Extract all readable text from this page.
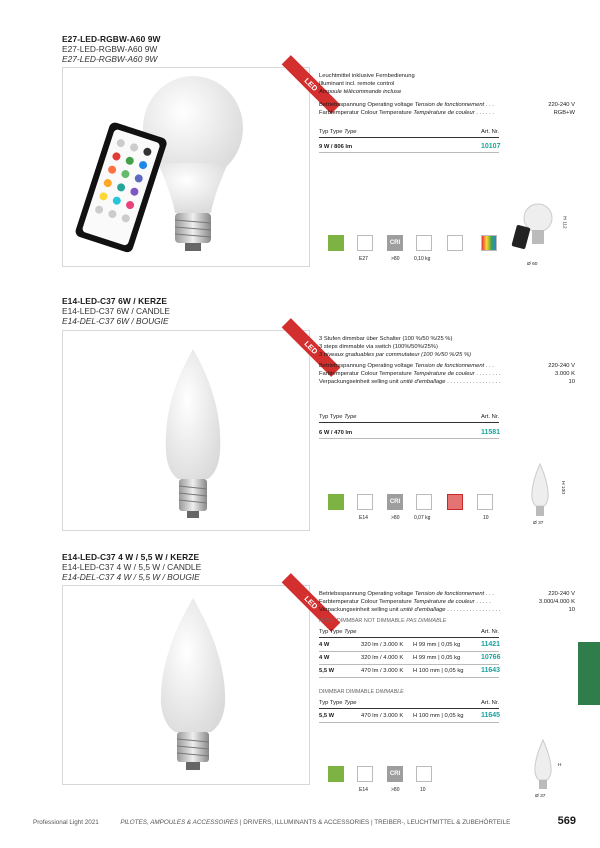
E27-LED-RGBW-A60 9W
E27-LED-RGBW-A60 9W
E27-LED-RGBW-A60 9W
LED
Leuchtmittel inklusive Fernbedienung
Illuminant incl. remote control
Ampoule télécommande incluse
Betriebsspannung Operating voltage Tension de fonctionnement . . .	220-240 V
Farbtemperatur Colour Temperature Température de couleur . . . . . .	RGB+W
Typ Type Type	Art. Nr.
9 W / 806 lm	10107
CRI
E27	>80	0,10 kg
H 112
Ø 60
E14-LED-C37 6W / KERZE
E14-LED-C37 6W / CANDLE
E14-DEL-C37 6W / BOUGIE
LED
3 Stufen dimmbar über Schalter (100 %/50 %/25 %)
3 steps dimmable via switch (100%/50%/25%)
3 niveaux graduables par commutateur (100 %/50 %/25 %)
Betriebsspannung Operating voltage Tension de fonctionnement . . .	220-240 V
Farbtemperatur Colour Temperature Température de couleur . . . . . . . .	3.000 K
Verpackungseinheit selling unit unité d'emballage . . . . . . . . . . . . . . . . .	10
Typ Type Type	Art. Nr.
6 W / 470 lm	11581
CRI
E14	>80	0,07 kg	10
H 100
Ø 37
E14-LED-C37 4 W / 5,5 W / KERZE
E14-LED-C37 4 W / 5,5 W / CANDLE
E14-DEL-C37 4 W / 5,5 W / BOUGIE
LED
Betriebsspannung Operating voltage Tension de fonctionnement . . .	220-240 V
Farbtemperatur Colour Temperature Température de couleur . . . . .	3.000/4.000 K
Verpackungseinheit selling unit unité d'emballage . . . . . . . . . . . . . . . . .	10
NICHT DIMMBAR NOT DIMMABLE PAS DIMMABLE
Typ Type Type	Art. Nr.
4 W	320 lm / 3.000 K H 99 mm | 0,05 kg	11421
4 W	320 lm / 4.000 K H 99 mm | 0,05 kg	10766
5,5 W	470 lm / 3.000 K H 100 mm | 0,05 kg	11643
DIMMBAR DIMMABLE DIMMABLE
Typ Type Type	Art. Nr.
5,5 W	470 lm / 3.000 K H 100 mm | 0,05 kg	11645
CRI
E14	>80	10
H
Ø 37
Professional Light 2021	PILOTES, AMPOULES & ACCESSOIRES | DRIVERS, ILLUMINANTS & ACCESSORIES | TREIBER-, LEUCHTMITTEL & ZUBEHÖRTEILE	569
